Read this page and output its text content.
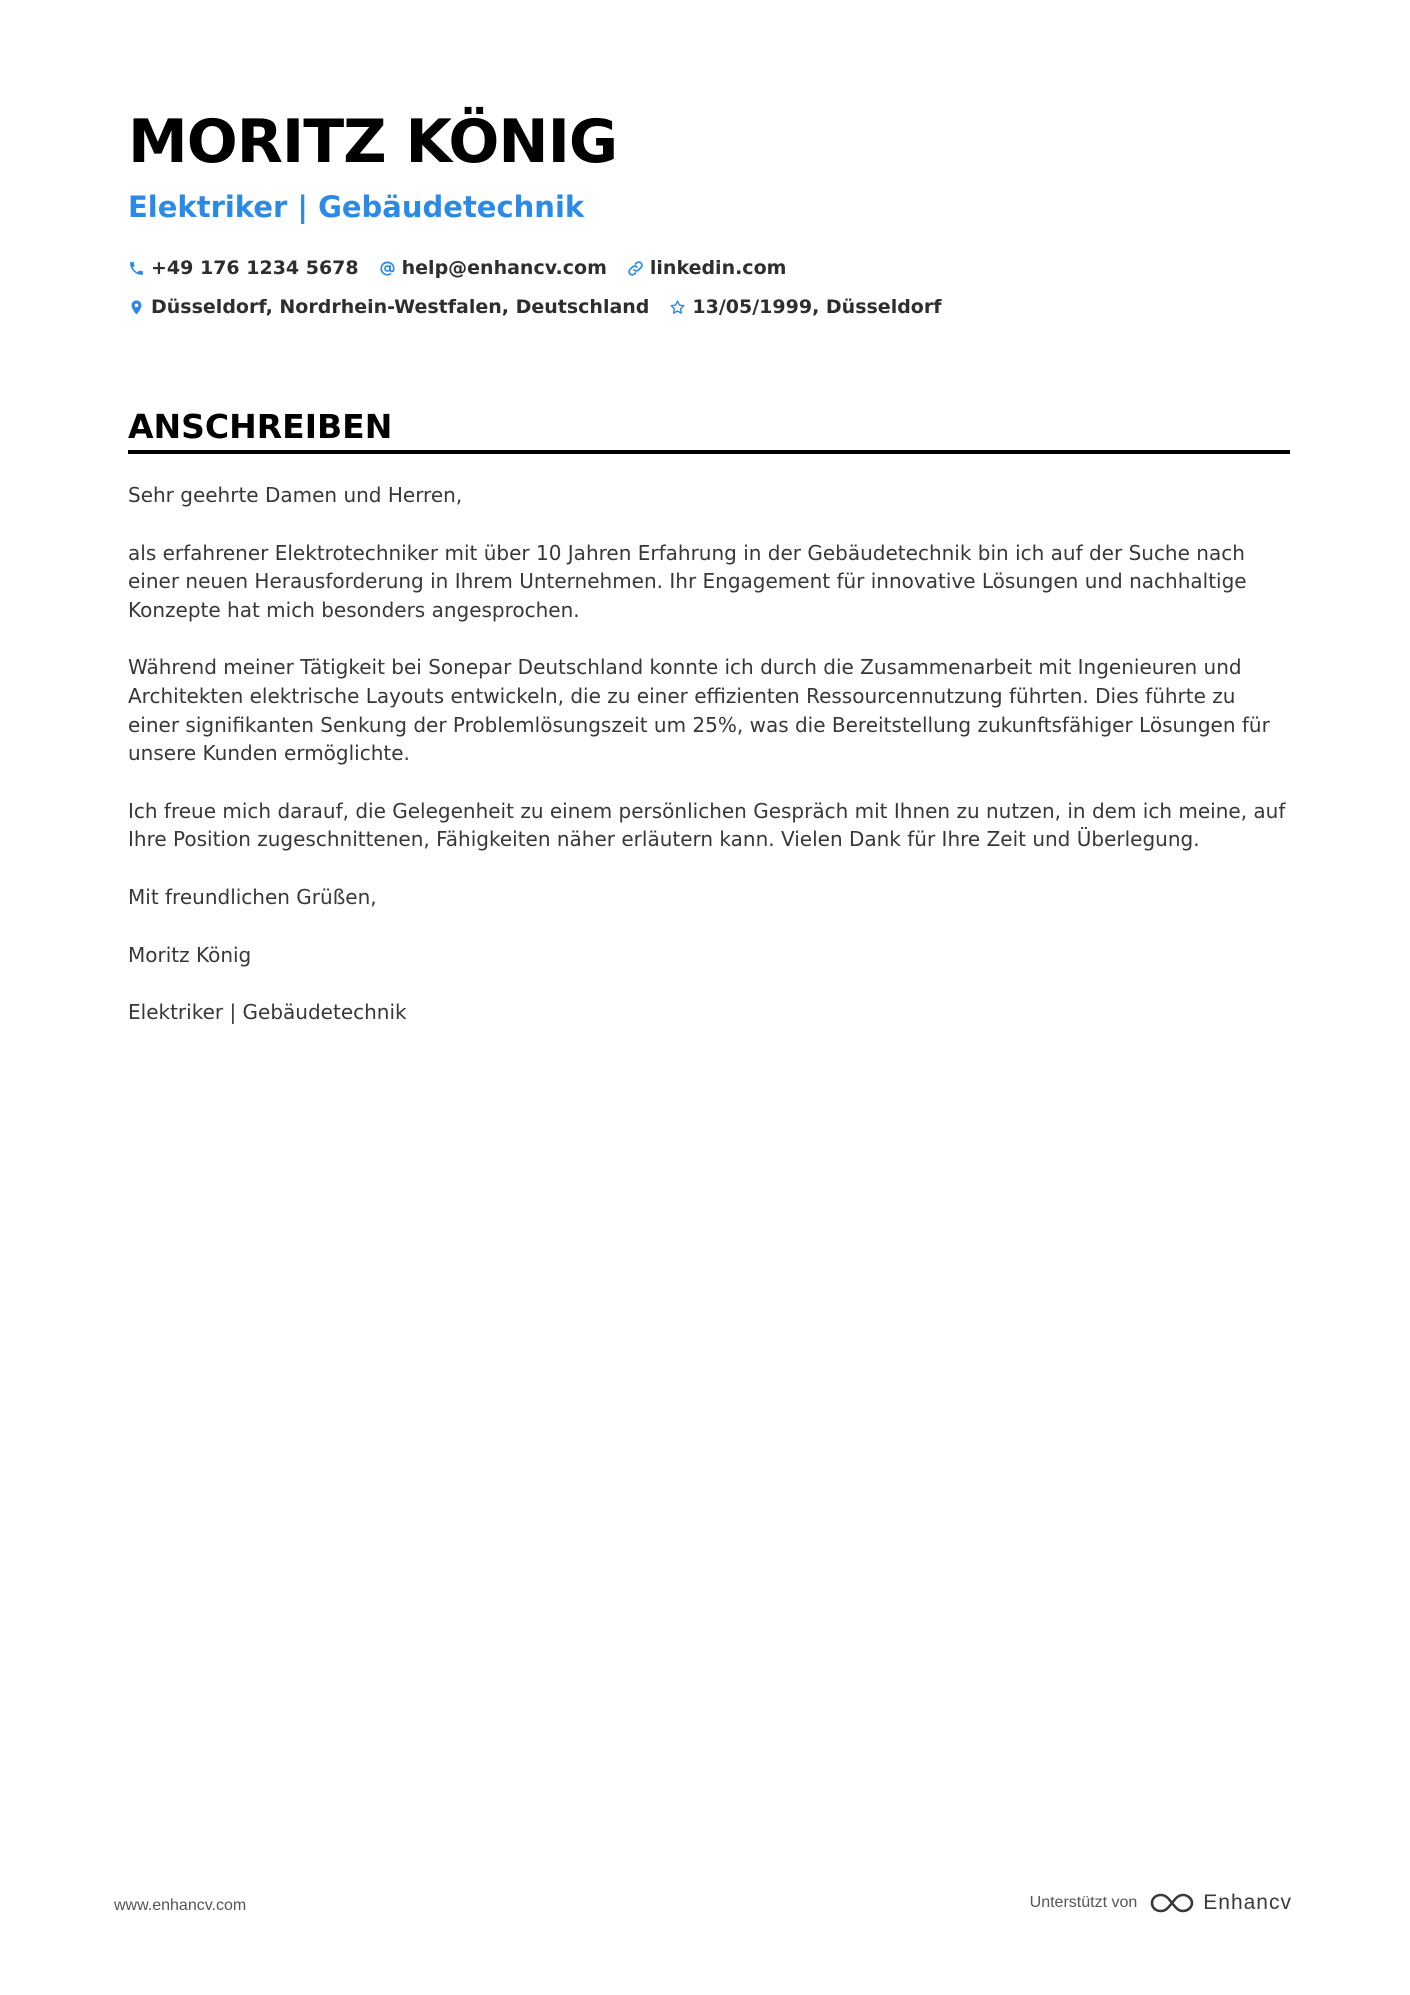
MORITZ KÖNIG
Elektriker | Gebäudetechnik
+49 176 1234 5678 help@enhancv.com linkedin.com
Düsseldorf, Nordrhein-Westfalen, Deutschland 13/05/1999, Düsseldorf
ANSCHREIBEN

Sehr geehrte Damen und Herren,

als erfahrener Elektrotechniker mit über 10 Jahren Erfahrung in der Gebäudetechnik bin ich auf der Suche nach einer neuen Herausforderung in Ihrem Unternehmen. Ihr Engagement für innovative Lösungen und nachhaltige Konzepte hat mich besonders angesprochen.

Während meiner Tätigkeit bei Sonepar Deutschland konnte ich durch die Zusammenarbeit mit Ingenieuren und Architekten elektrische Layouts entwickeln, die zu einer effizienten Ressourcennutzung führten. Dies führte zu einer signifikanten Senkung der Problemlösungszeit um 25%, was die Bereitstellung zukunftsfähiger Lösungen für unsere Kunden ermöglichte.

Ich freue mich darauf, die Gelegenheit zu einem persönlichen Gespräch mit Ihnen zu nutzen, in dem ich meine, auf Ihre Position zugeschnittenen, Fähigkeiten näher erläutern kann. Vielen Dank für Ihre Zeit und Überlegung.

Mit freundlichen Grüßen,

Moritz König

Elektriker | Gebäudetechnik

www.enhancv.com	Unterstützt von	Enhancv
